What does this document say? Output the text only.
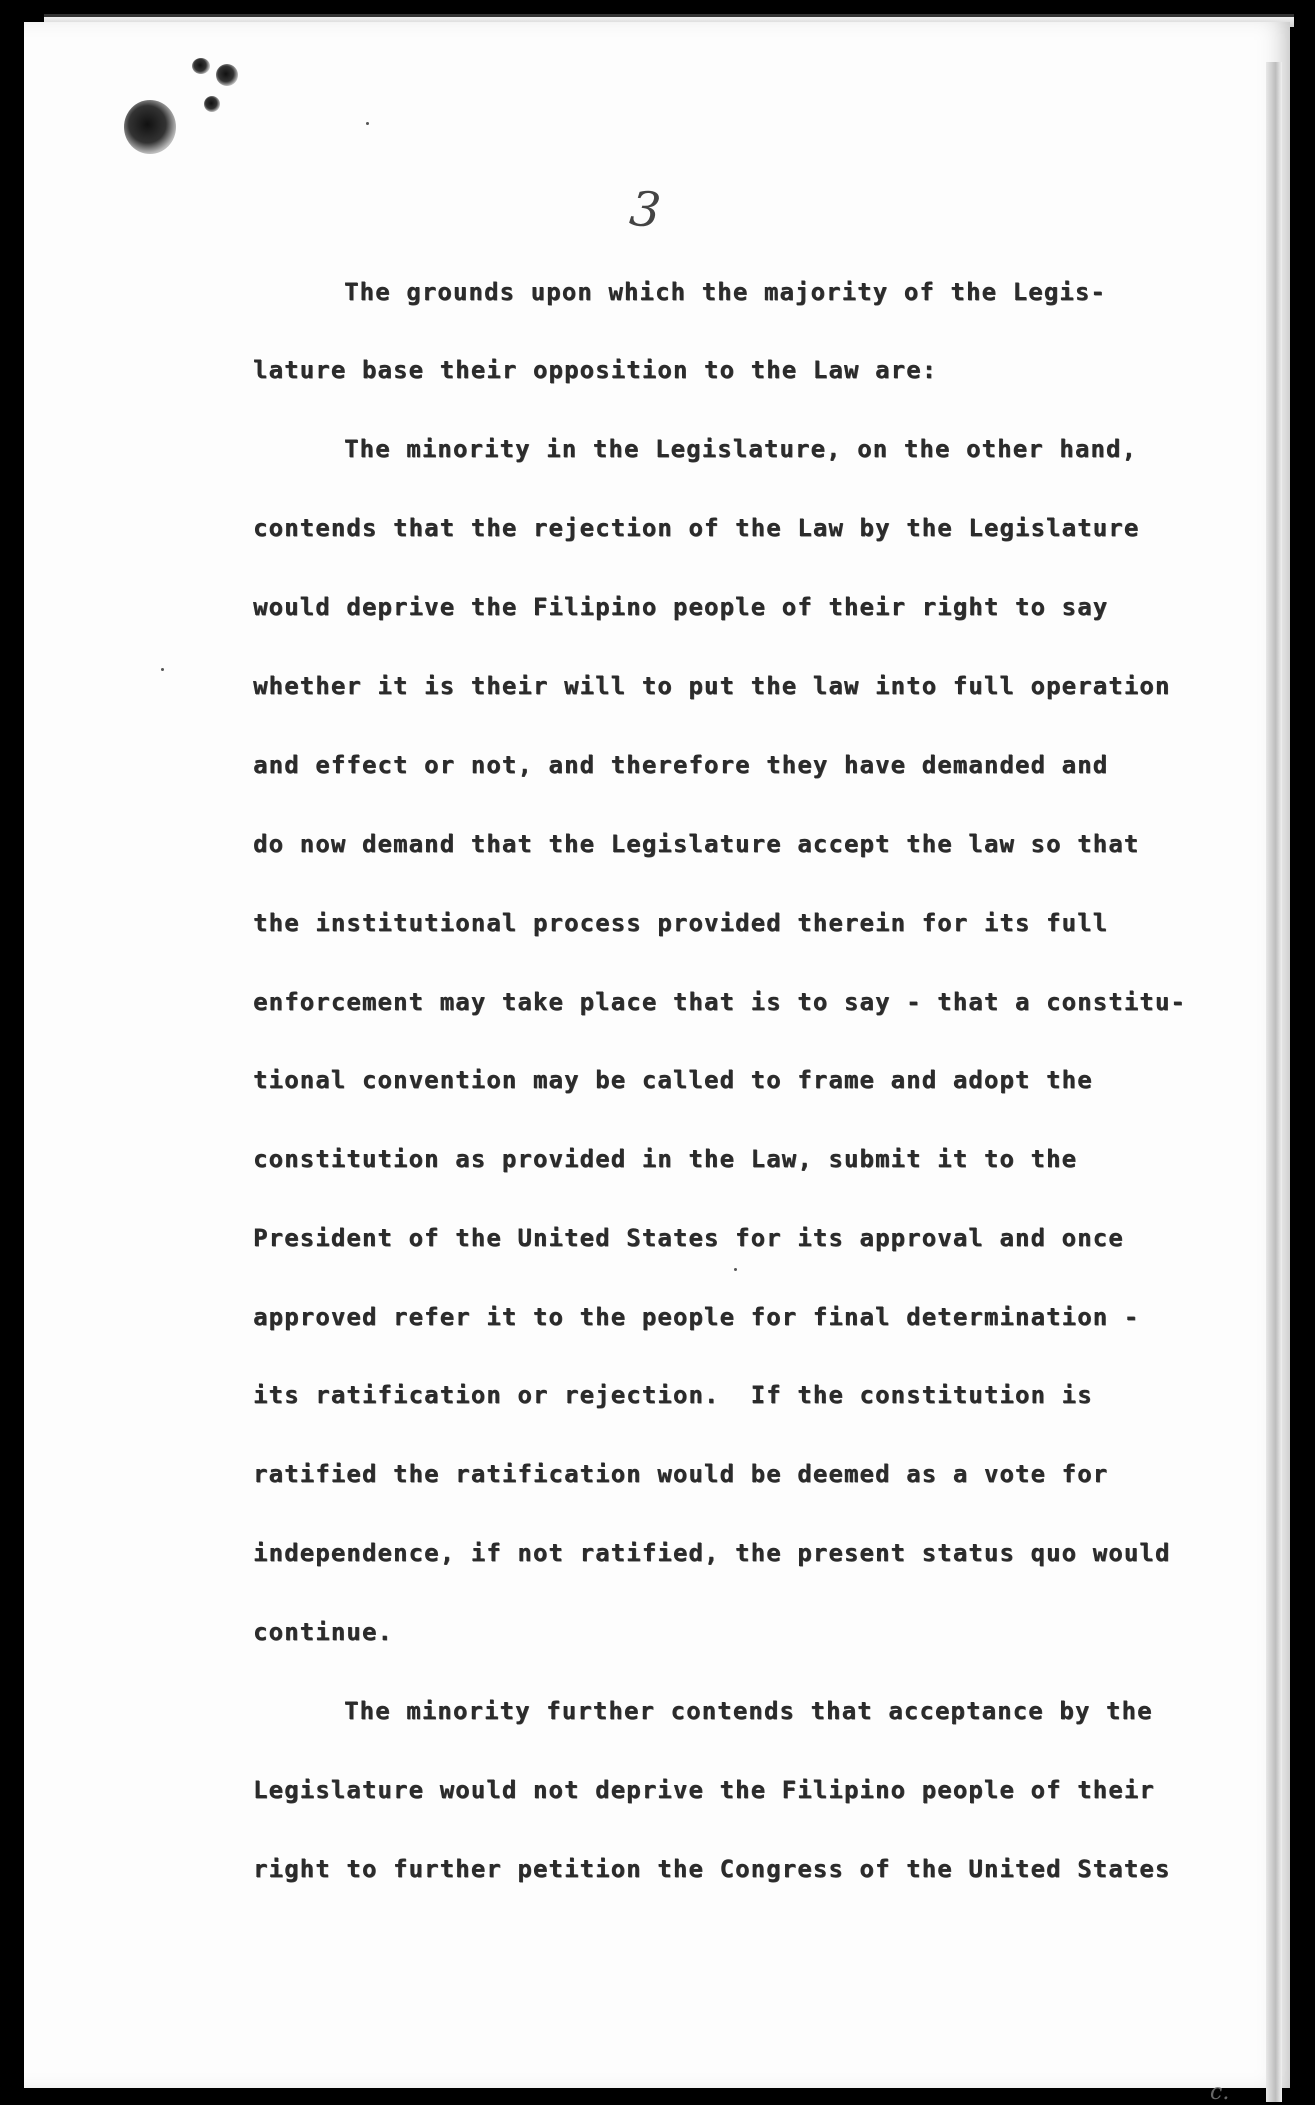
3
The grounds upon which the majority of the Legis-
lature base their opposition to the Law are:
The minority in the Legislature, on the other hand,
contends that the rejection of the Law by the Legislature
would deprive the Filipino people of their right to say
whether it is their will to put the law into full operation
and effect or not, and therefore they have demanded and
do now demand that the Legislature accept the law so that
the institutional process provided therein for its full
enforcement may take place that is to say - that a constitu-
tional convention may be called to frame and adopt the
constitution as provided in the Law, submit it to the
President of the United States for its approval and once
approved refer it to the people for final determination -
its ratification or rejection.  If the constitution is
ratified the ratification would be deemed as a vote for
independence, if not ratified, the present status quo would
continue.
The minority further contends that acceptance by the
Legislature would not deprive the Filipino people of their
right to further petition the Congress of the United States
c.
